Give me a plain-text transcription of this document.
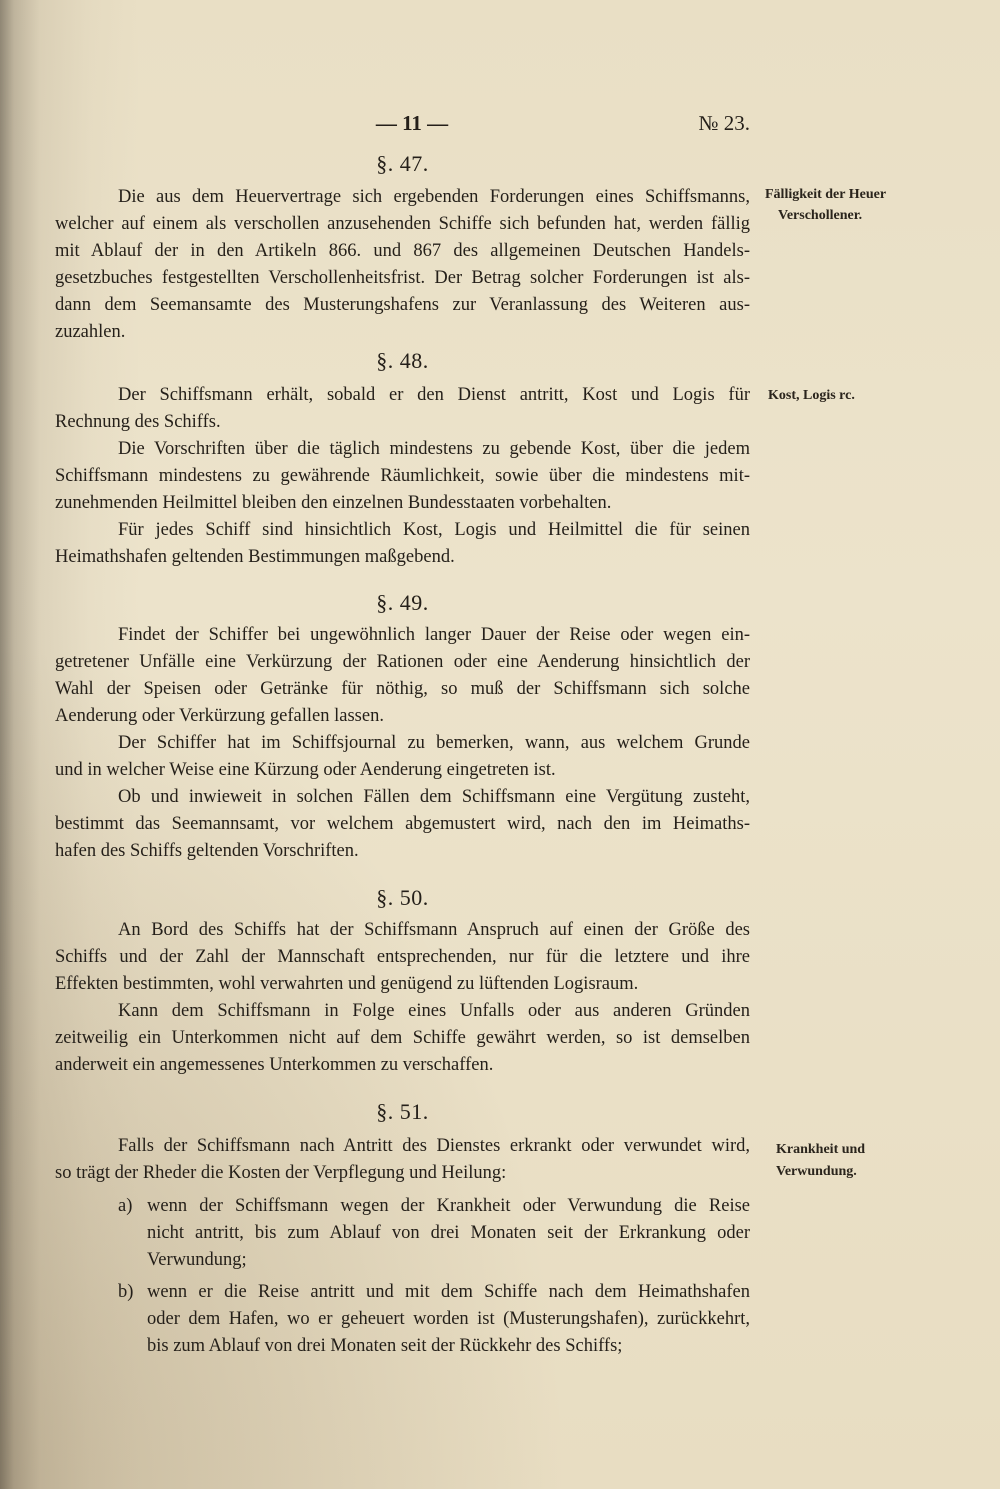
— 11 —	№ 23.
§. 47.
Die aus dem Heuervertrage sich ergebenden Forderungen eines Schiffsmanns,
welcher auf einem als verschollen anzusehenden Schiffe sich befunden hat, werden fällig
mit Ablauf der in den Artikeln 866. und 867 des allgemeinen Deutschen Handels-
gesetzbuches festgestellten Verschollenheitsfrist. Der Betrag solcher Forderungen ist als-
dann dem Seemansamte des Musterungshafens zur Veranlassung des Weiteren aus-
zuzahlen.
Fälligkeit der Heuer
Verschollener.
§. 48.
Der Schiffsmann erhält, sobald er den Dienst antritt, Kost und Logis für
Rechnung des Schiffs.
Die Vorschriften über die täglich mindestens zu gebende Kost, über die jedem
Schiffsmann mindestens zu gewährende Räumlichkeit, sowie über die mindestens mit-
zunehmenden Heilmittel bleiben den einzelnen Bundesstaaten vorbehalten.
Für jedes Schiff sind hinsichtlich Kost, Logis und Heilmittel die für seinen
Heimathshafen geltenden Bestimmungen maßgebend.
Kost, Logis rc.
§. 49.
Findet der Schiffer bei ungewöhnlich langer Dauer der Reise oder wegen ein-
getretener Unfälle eine Verkürzung der Rationen oder eine Aenderung hinsichtlich der
Wahl der Speisen oder Getränke für nöthig, so muß der Schiffsmann sich solche
Aenderung oder Verkürzung gefallen lassen.
Der Schiffer hat im Schiffsjournal zu bemerken, wann, aus welchem Grunde
und in welcher Weise eine Kürzung oder Aenderung eingetreten ist.
Ob und inwieweit in solchen Fällen dem Schiffsmann eine Vergütung zusteht,
bestimmt das Seemannsamt, vor welchem abgemustert wird, nach den im Heimaths-
hafen des Schiffs geltenden Vorschriften.
§. 50.
An Bord des Schiffs hat der Schiffsmann Anspruch auf einen der Größe des
Schiffs und der Zahl der Mannschaft entsprechenden, nur für die letztere und ihre
Effekten bestimmten, wohl verwahrten und genügend zu lüftenden Logisraum.
Kann dem Schiffsmann in Folge eines Unfalls oder aus anderen Gründen
zeitweilig ein Unterkommen nicht auf dem Schiffe gewährt werden, so ist demselben
anderweit ein angemessenes Unterkommen zu verschaffen.
§. 51.
Falls der Schiffsmann nach Antritt des Dienstes erkrankt oder verwundet wird,
so trägt der Rheder die Kosten der Verpflegung und Heilung:
a) wenn der Schiffsmann wegen der Krankheit oder Verwundung die Reise
nicht antritt, bis zum Ablauf von drei Monaten seit der Erkrankung oder
Verwundung;
b) wenn er die Reise antritt und mit dem Schiffe nach dem Heimathshafen
oder dem Hafen, wo er geheuert worden ist (Musterungshafen), zurückkehrt,
bis zum Ablauf von drei Monaten seit der Rückkehr des Schiffs;
Krankheit und
Verwundung.
